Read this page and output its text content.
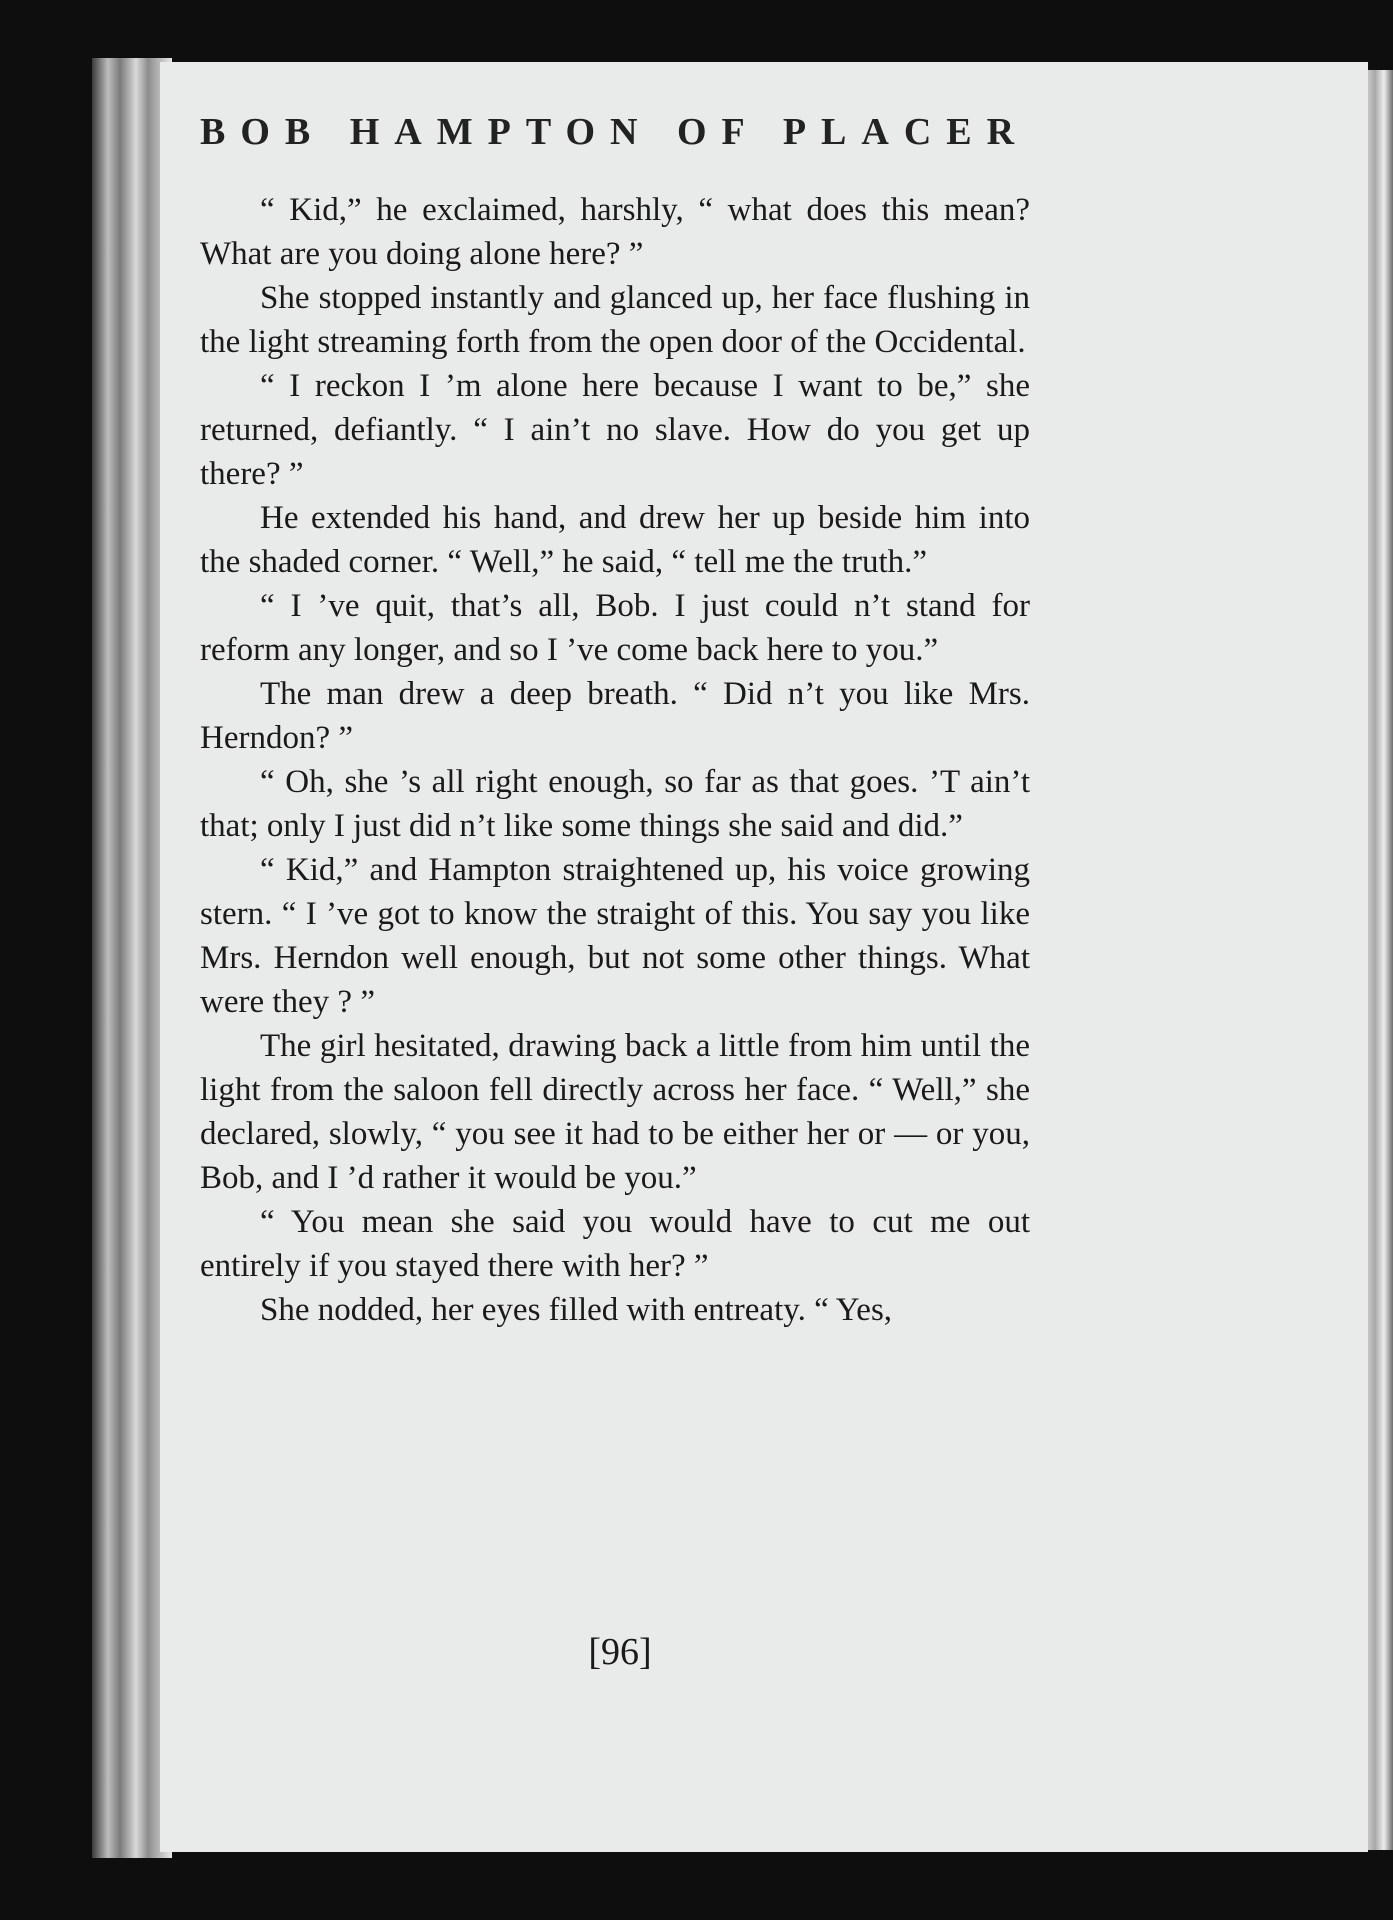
BOB HAMPTON OF PLACER

“ Kid,” he exclaimed, harshly, “ what does this mean? What are you doing alone here? ”

She stopped instantly and glanced up, her face flushing in the light streaming forth from the open door of the Occidental.

“ I reckon I ’m alone here because I want to be,” she returned, defiantly. “ I ain’t no slave. How do you get up there? ”

He extended his hand, and drew her up beside him into the shaded corner. “ Well,” he said, “ tell me the truth.”

“ I ’ve quit, that’s all, Bob. I just could n’t stand for reform any longer, and so I ’ve come back here to you.”

The man drew a deep breath. “ Did n’t you like Mrs. Herndon? ”

“ Oh, she ’s all right enough, so far as that goes. ’T ain’t that; only I just did n’t like some things she said and did.”

“ Kid,” and Hampton straightened up, his voice growing stern. “ I ’ve got to know the straight of this. You say you like Mrs. Herndon well enough, but not some other things. What were they ? ”

The girl hesitated, drawing back a little from him until the light from the saloon fell directly across her face. “ Well,” she declared, slowly, “ you see it had to be either her or — or you, Bob, and I ’d rather it would be you.”

“ You mean she said you would have to cut me out entirely if you stayed there with her? ”

She nodded, her eyes filled with entreaty. “ Yes,

[96]
